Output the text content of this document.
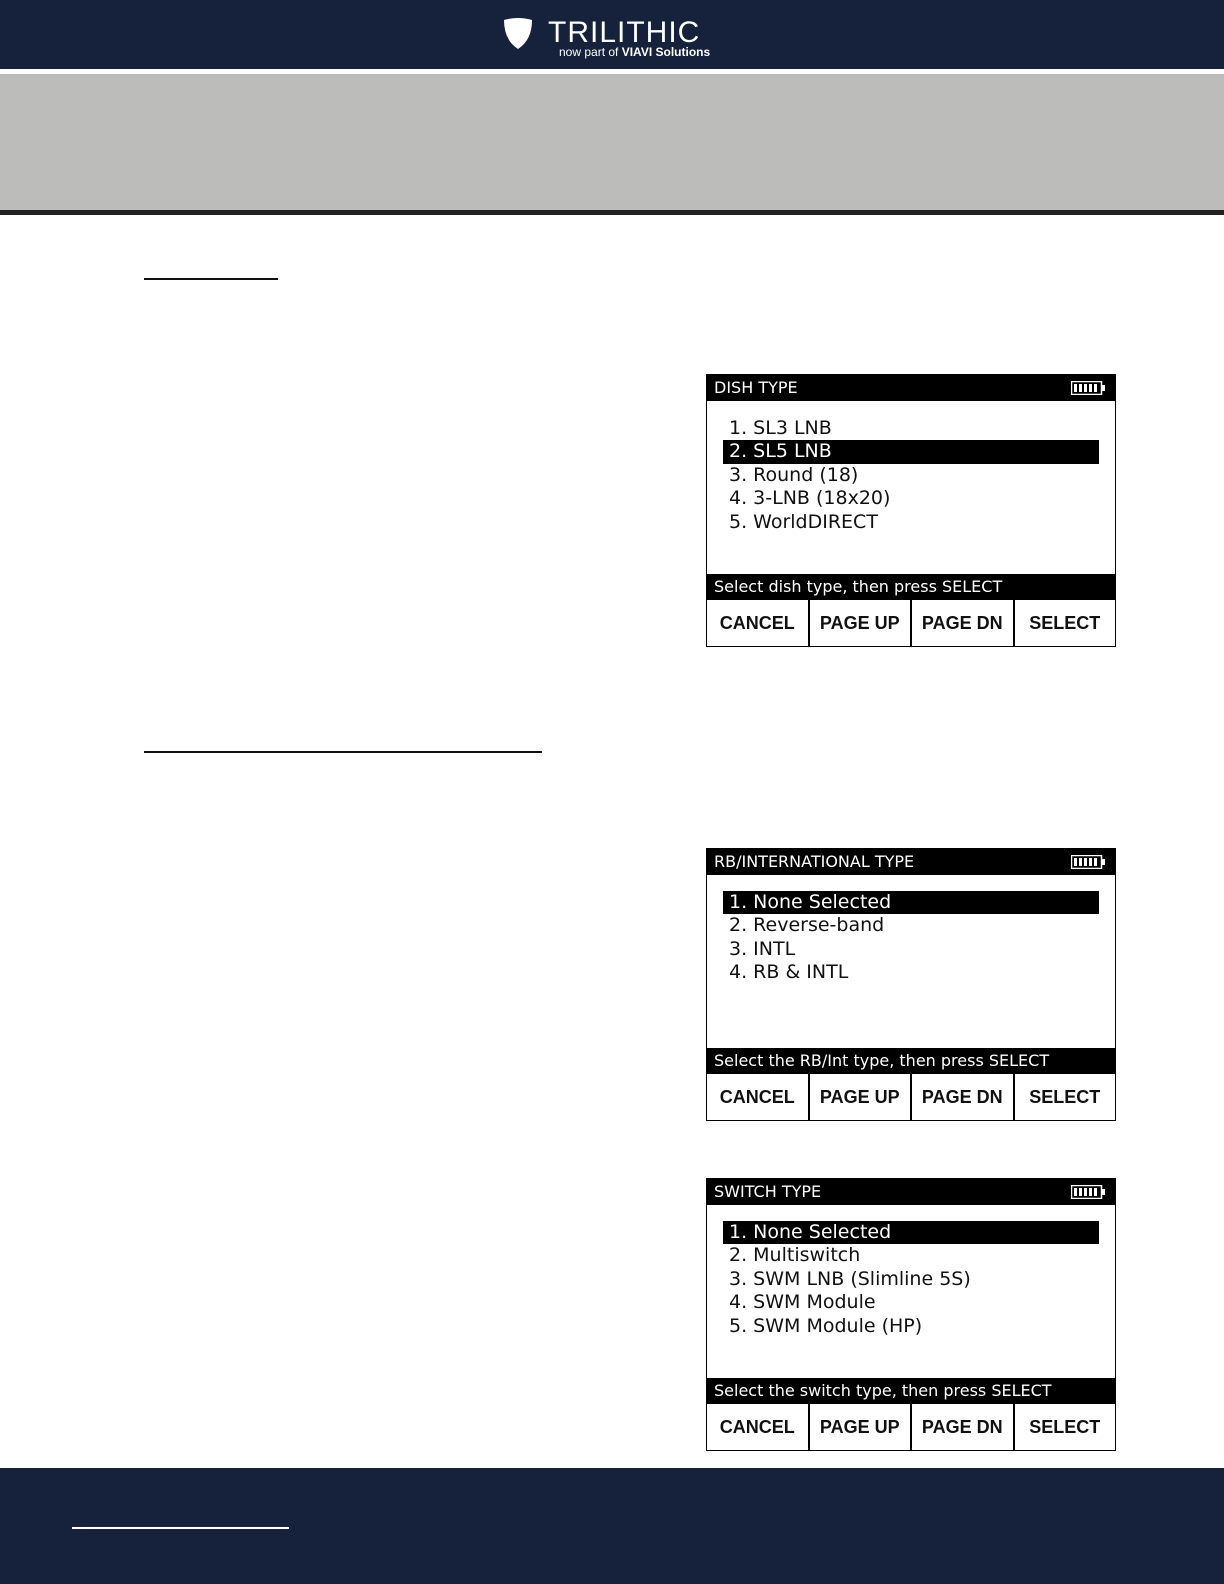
TRILITHIC
now part of VIAVI Solutions
DISH TYPE
1. SL3 LNB
2. SL5 LNB
3. Round (18)
4. 3-LNB (18x20)
5. WorldDIRECT
Select dish type, then press SELECT
CANCEL	PAGE UP	PAGE DN	SELECT
RB/INTERNATIONAL TYPE
1. None Selected
2. Reverse-band
3. INTL
4. RB & INTL
Select the RB/Int type, then press SELECT
CANCEL	PAGE UP	PAGE DN	SELECT
SWITCH TYPE
1. None Selected
2. Multiswitch
3. SWM LNB (Slimline 5S)
4. SWM Module
5. SWM Module (HP)
Select the switch type, then press SELECT
CANCEL	PAGE UP	PAGE DN	SELECT
